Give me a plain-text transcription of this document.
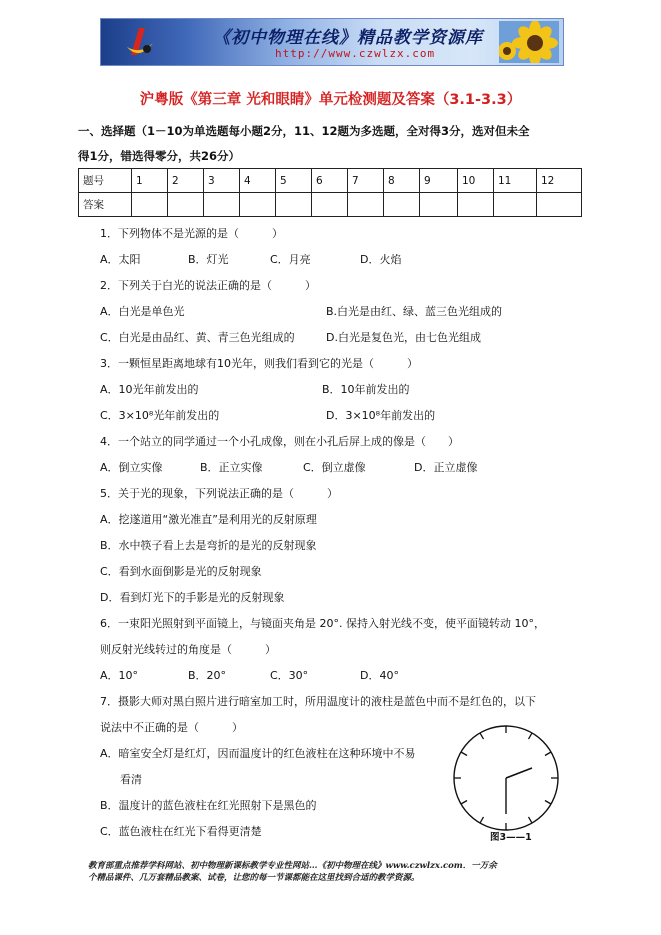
《初中物理在线》精品教学资源库
http://www.czwlzx.com
沪粤版《第三章 光和眼睛》单元检测题及答案（3.1-3.3）
一、选择题（1－10为单选题每小题2分，11、12题为多选题，全对得3分，选对但未全
得1分，错选得零分，共26分）
题号	1	2	3	4	5	6	7	8	9	10	11	12
答案												
1．下列物体不是光源的是（　　　）
A．太阳	B．灯光	C．月亮	D．火焰
2．下列关于白光的说法正确的是（　　　）
A．白光是单色光	B.白光是由红、绿、蓝三色光组成的
C．白光是由品红、黄、青三色光组成的	D.白光是复色光，由七色光组成
3．一颗恒星距离地球有10光年，则我们看到它的光是（　　　）
A．10光年前发出的	B．10年前发出的
C．3×10⁸光年前发出的	D．3×10⁸年前发出的
4．一个站立的同学通过一个小孔成像，则在小孔后屏上成的像是（　　）
A．倒立实像	B．正立实像	C．倒立虚像	D．正立虚像
5．关于光的现象，下列说法正确的是（　　　）
A．挖遂道用“激光准直”是利用光的反射原理
B．水中筷子看上去是弯折的是光的反射现象
C．看到水面倒影是光的反射现象
D．看到灯光下的手影是光的反射现象
6．一束阳光照射到平面镜上，与镜面夹角是 20°. 保持入射光线不变，使平面镜转动 10°，
则反射光线转过的角度是（　　　）
A．10°	B．20°	C．30°	D．40°
7．摄影大师对黑白照片进行暗室加工时，所用温度计的液柱是蓝色中而不是红色的，以下
说法中不正确的是（　　　）
A．暗室安全灯是红灯，因而温度计的红色液柱在这种环境中不易
看清
B．温度计的蓝色液柱在红光照射下是黑色的
C．蓝色液柱在红光下看得更清楚	图3——1
教育部重点推荐学科网站、初中物理新课标教学专业性网站…《初中物理在线》www.czwlzx.com．一万余
个精品课件、几万套精品教案、试卷，让您的每一节课都能在这里找到合适的教学资源。
